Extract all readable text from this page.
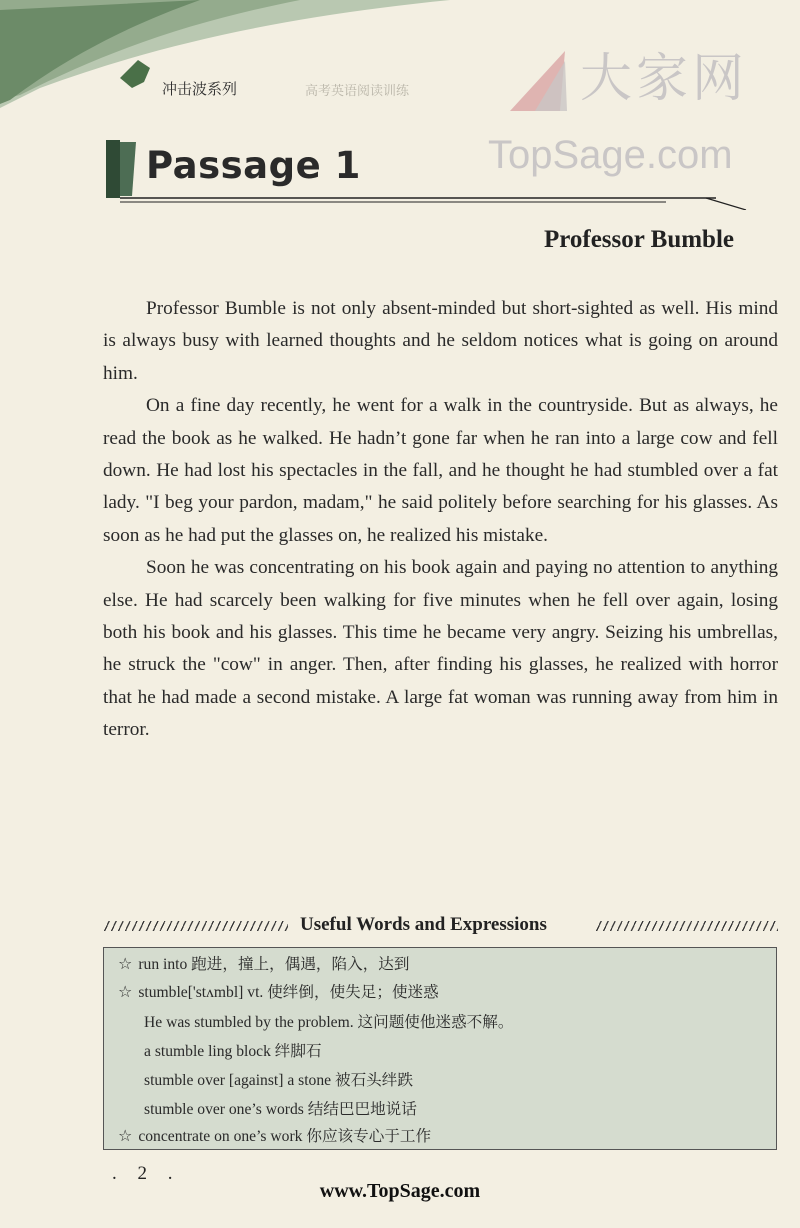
冲击波系列	高考英语阅读训练	大家网
TopSage.com
Passage 1
Professor Bumble

Professor Bumble is not only absent-minded but short-sighted as well. His mind is always busy with learned thoughts and he seldom notices what is going on around him.

On a fine day recently, he went for a walk in the countryside. But as always, he read the book as he walked. He hadn’t gone far when he ran into a large cow and fell down. He had lost his spectacles in the fall, and he thought he had stumbled over a fat lady. "I beg your pardon, madam," he said politely before searching for his glasses. As soon as he had put the glasses on, he realized his mistake.

Soon he was concentrating on his book again and paying no attention to anything else. He had scarcely been walking for five minutes when he fell over again, losing both his book and his glasses. This time he became very angry. Seizing his umbrellas, he struck the "cow" in anger. Then, after finding his glasses, he realized with horror that he had made a second mistake. A large fat woman was running away from him in terror.

Useful Words and Expressions
☆ run into 跑进，撞上，偶遇，陷入，达到
☆ stumble['stʌmbl] vt. 使绊倒，使失足；使迷惑
He was stumbled by the problem. 这问题使他迷惑不解。
a stumble ling block 绊脚石
stumble over [against] a stone 被石头绊跌
stumble over one’s words 结结巴巴地说话
☆ concentrate on one’s work 你应该专心于工作
. 2 .
www.TopSage.com
